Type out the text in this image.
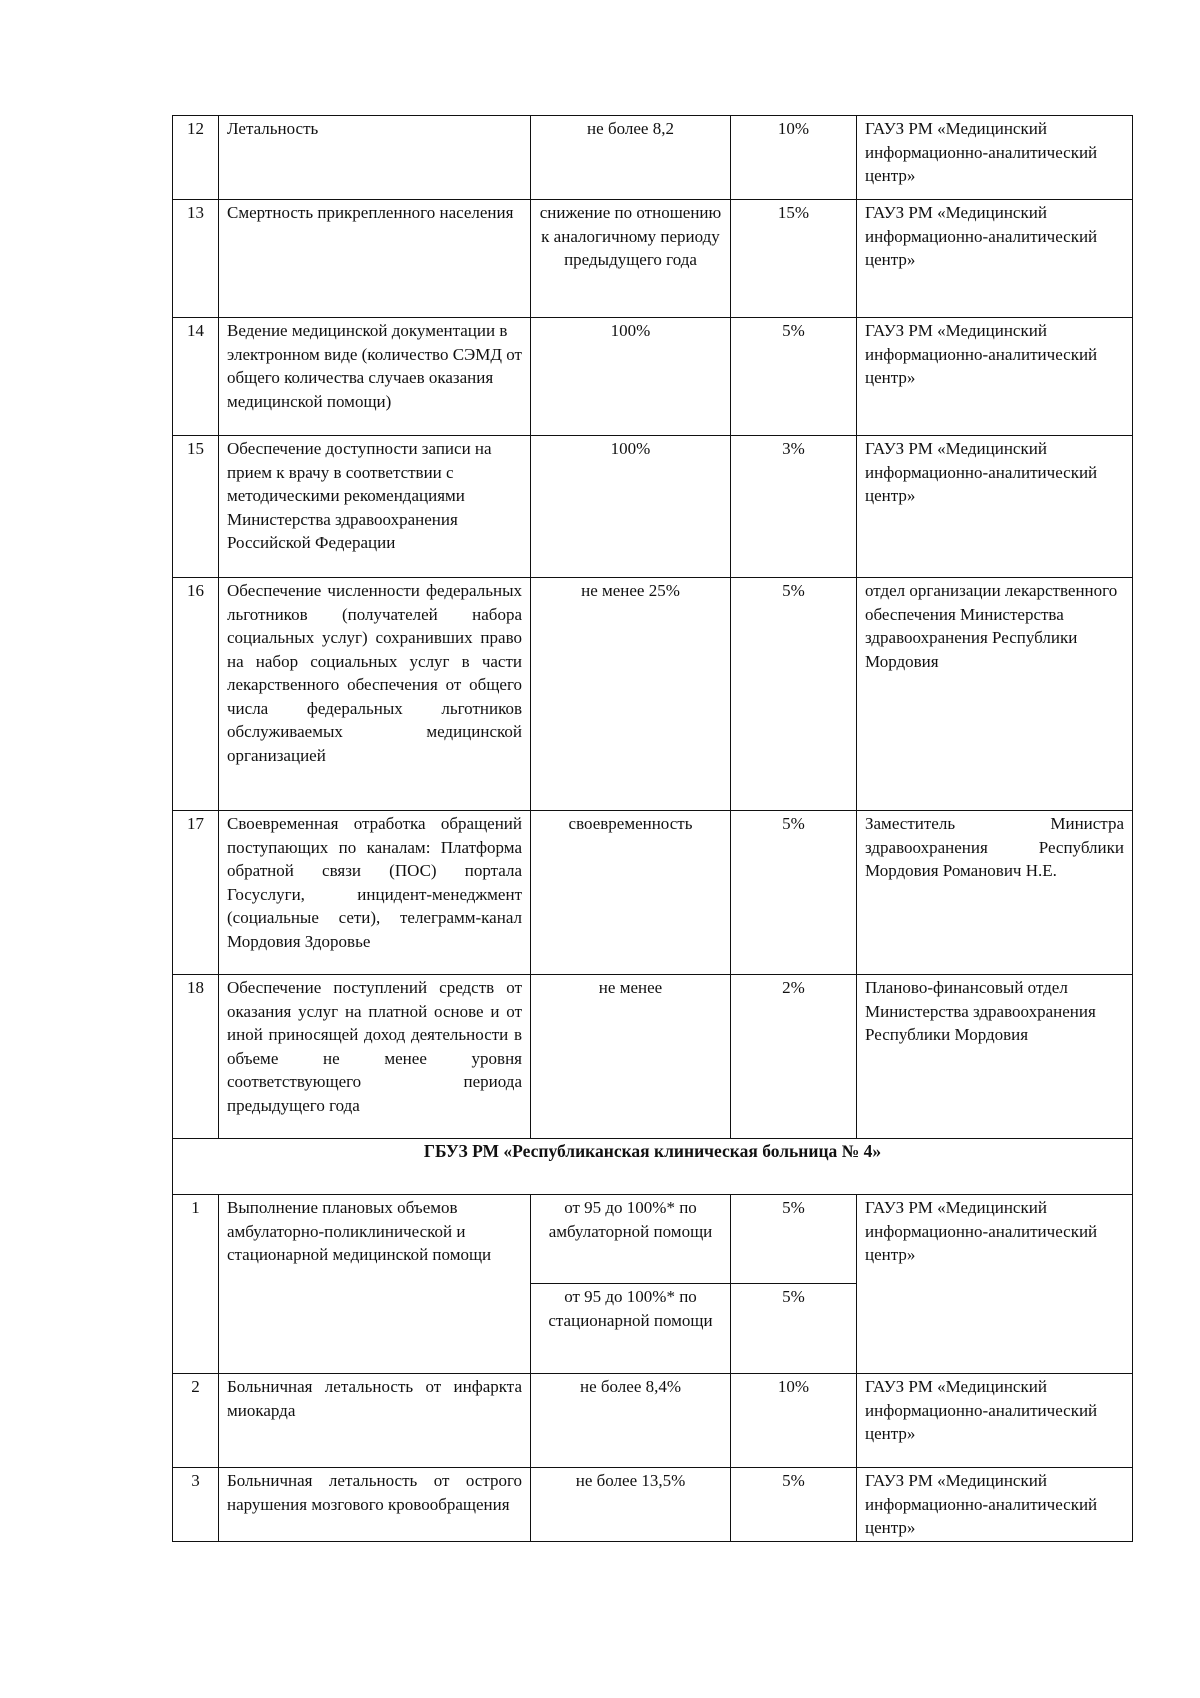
12	Летальность	не более 8,2	10%	ГАУЗ РМ «Медицинский информационно-аналитический центр»
13	Смертность прикрепленного населения	снижение по отношению к аналогичному периоду предыдущего года	15%	ГАУЗ РМ «Медицинский информационно-аналитический центр»
14	Ведение медицинской документации в электронном виде (количество СЭМД от общего количества случаев оказания медицинской помощи)	100%	5%	ГАУЗ РМ «Медицинский информационно-аналитический центр»
15	Обеспечение доступности записи на прием к врачу в соответствии с методическими рекомендациями Министерства здравоохранения Российской Федерации	100%	3%	ГАУЗ РМ «Медицинский информационно-аналитический центр»
16	Обеспечение численности федеральных льготников (получателей набора социальных услуг) сохранивших право на набор социальных услуг в части лекарственного обеспечения от общего числа федеральных льготников обслуживаемых медицинской организацией	не менее 25%	5%	отдел организации лекарственного обеспечения Министерства здравоохранения Республики Мордовия
17	Своевременная отработка обращений поступающих по каналам: Платформа обратной связи (ПОС) портала Госуслуги, инцидент-менеджмент (социальные сети), телеграмм-канал Мордовия Здоровье	своевременность	5%	Заместитель Министра здравоохранения Республики Мордовия Романович Н.Е.
18	Обеспечение поступлений средств от оказания услуг на платной основе и от иной приносящей доход деятельности в объеме не менее уровня соответствующего периода предыдущего года	не менее	2%	Планово-финансовый отдел Министерства здравоохранения Республики Мордовия
ГБУЗ РМ «Республиканская клиническая больница № 4»				
1	Выполнение плановых объемов амбулаторно-поликлинической и стационарной медицинской помощи	от 95 до 100%* по амбулаторной помощи	5%	ГАУЗ РМ «Медицинский информационно-аналитический центр»
		от 95 до 100%* по стационарной помощи	5%	
2	Больничная летальность от инфаркта миокарда	не более 8,4%	10%	ГАУЗ РМ «Медицинский информационно-аналитический центр»
3	Больничная летальность от острого нарушения мозгового кровообращения	не более 13,5%	5%	ГАУЗ РМ «Медицинский информационно-аналитический центр»
